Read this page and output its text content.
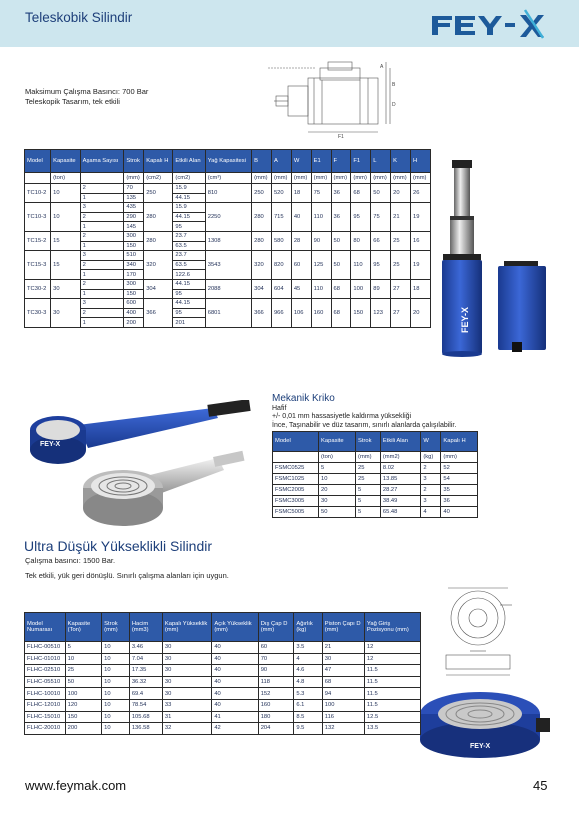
Teleskobik Silindir
Maksimum Çalışma Basıncı: 700 Bar
Teleskopik Tasarım, tek etkili
A
B
F1
D
Model	Kapasite	Aşama Sayısı	Strok	Kapalı H	Etkili Alan	Yağ Kapasitesi	B	A	W	E1	F	F1	L	K	H
	(ton)		(mm)	(cm2)	(cm2)	(cm³)	(mm)	(mm)	(mm)	(mm)	(mm)	(mm)	(mm)	(mm)	(mm)
TC10-2	10	2	70	250	15.9	810	250	520	18	75	36	68	50	20	26
		1	135		44.15										
TC10-3	10	3	435	280	15.9	2250	280	715	40	110	36	95	75	21	19
		2	290		44.15										
		1	145		95										
TC15-2	15	2	300	280	23.7	1308	280	580	28	90	50	80	66	25	16
		1	150		63.5										
TC15-3	15	3	510	320	23.7	3543	320	820	60	125	50	110	95	25	19
		2	340		63.5										
		1	170		122.6										
TC30-2	30	2	300	304	44.15	2088	304	604	45	110	68	100	89	27	18
		1	150		95										
TC30-3	30	3	600	366	44.15	6801	366	966	106	160	68	150	123	27	20
		2	400		95										
		1	200		201											FEY-X
FEY-X
Mekanik Kriko
Hafif
+/- 0,01 mm hassasiyetle kaldırma yüksekliği
İnce, Taşınabilir ve düz tasarım, sınırlı alanlarda çalışılabilir.
Model	Kapasite	Strok	Etkili Alan	W	Kapalı H
	(ton)	(mm)	(mm2)	(kg)	(mm)
FSMC0525	5	25	8.02	2	52
FSMC1025	10	25	13.85	3	54
FSMC2005	20	5	28.27	2	35
FSMC3005	30	5	38.49	3	36
FSMC5005	50	5	65.48	4	40
Ultra Düşük Yükseklikli Silindir
Çalışma basıncı: 1500 Bar.
Tek etkili, yük geri dönüşlü. Sınırlı çalışma alanları için uygun.
FEY-X
Model Numarası	Kapasite (Ton)	Strok (mm)	Hacim (mm3)	Kapalı Yükseklik (mm)	Açık Yükseklik (mm)	Dış Çap D (mm)	Ağırlık (kg)	Piston Çapı D (mm)	Yağ Giriş Pozisyonu (mm)
FLHC-00510	5	10	3.46	30	40	60	3.5	21	12
FLHC-01010	10	10	7.04	30	40	70	4	30	12
FLHC-02510	25	10	17.35	30	40	90	4.6	47	11.5
FLHC-05510	50	10	36.32	30	40	118	4.8	68	11.5
FLHC-10010	100	10	69.4	30	40	152	5.3	94	11.5
FLHC-12010	120	10	78.54	33	40	160	6.1	100	11.5
FLHC-15010	150	10	105.68	31	41	180	8.5	116	12.5
FLHC-20010	200	10	136.58	32	42	204	9.5	132	13.5
www.feymak.com	45
